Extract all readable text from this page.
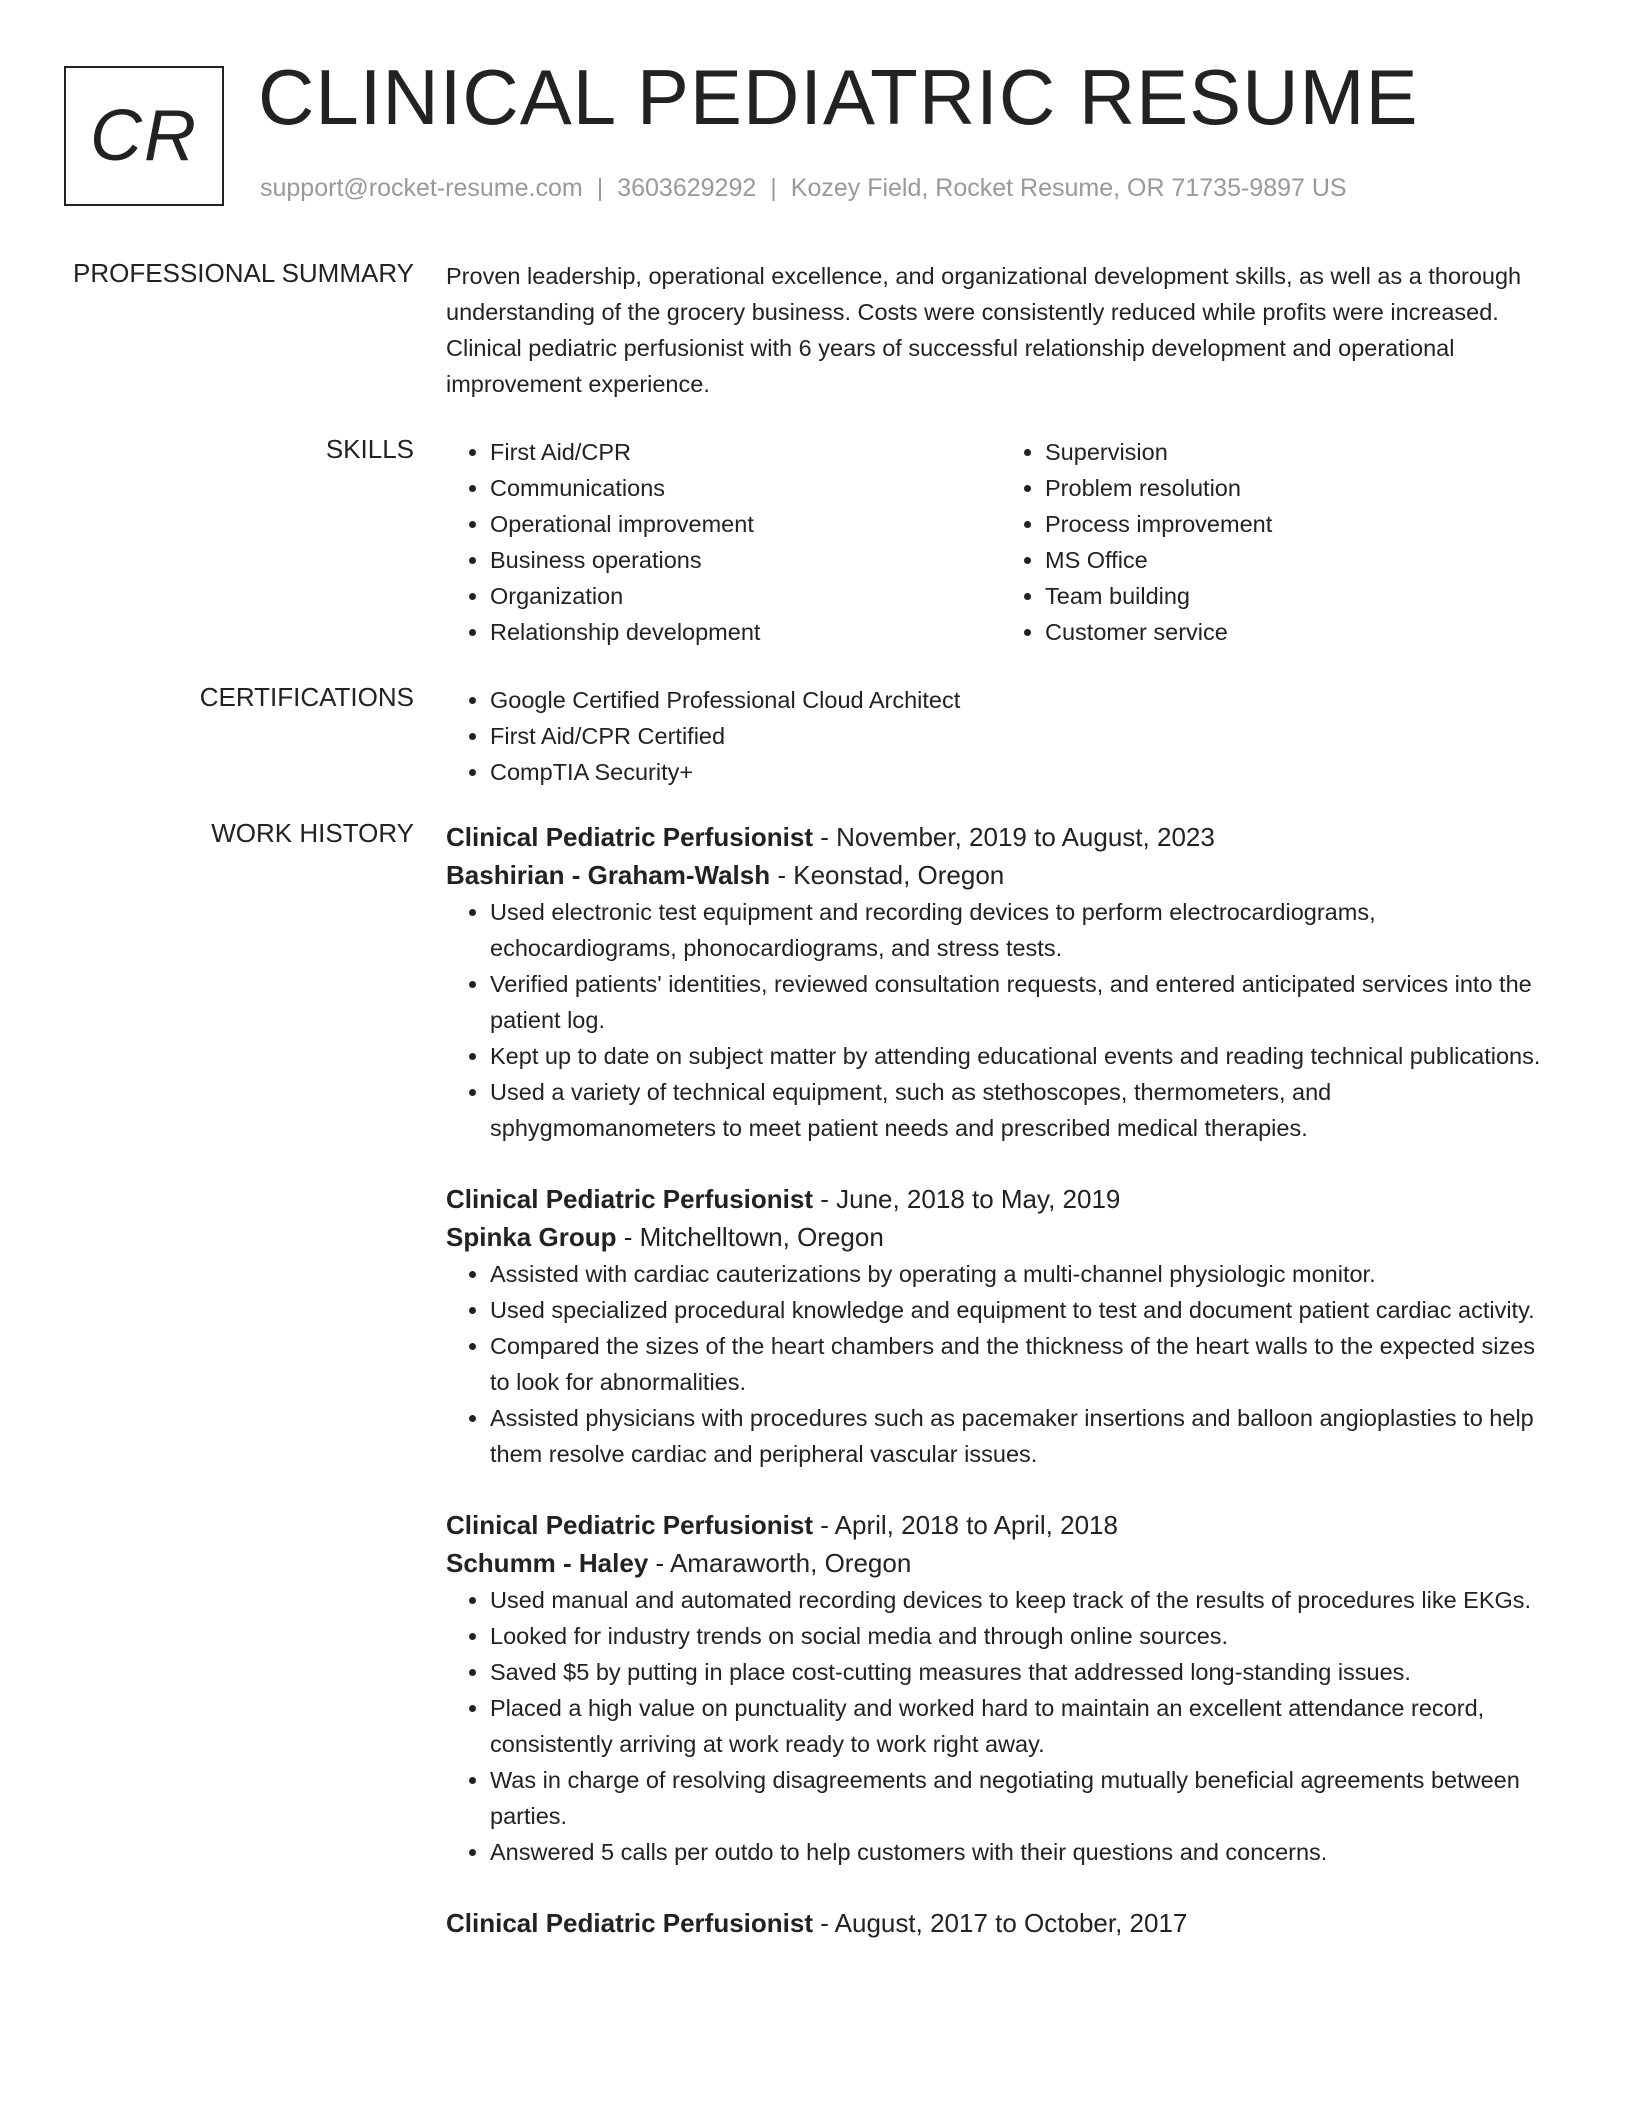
CR CLINICAL PEDIATRIC RESUME
support@rocket-resume.com | 3603629292 | Kozey Field, Rocket Resume, OR 71735-9897 US
PROFESSIONAL SUMMARY Proven leadership, operational excellence, and organizational development skills, as well as a thorough understanding of the grocery business. Costs were consistently reduced while profits were increased. Clinical pediatric perfusionist with 6 years of successful relationship development and operational improvement experience.

SKILLS	• First Aid/CPR
• Communications
• Operational improvement
• Business operations
• Organization
• Relationship development
• Supervision
• Problem resolution
• Process improvement
• MS Office
• Team building
• Customer service
CERTIFICATIONS	• Google Certified Professional Cloud Architect
• First Aid/CPR Certified
• CompTIA Security+
WORK HISTORY Clinical Pediatric Perfusionist - November, 2019 to August, 2023
Bashirian - Graham-Walsh - Keonstad, Oregon
• Used electronic test equipment and recording devices to perform electrocardiograms, echocardiograms, phonocardiograms, and stress tests.
• Verified patients' identities, reviewed consultation requests, and entered anticipated services into the patient log.
• Kept up to date on subject matter by attending educational events and reading technical publications.
• Used a variety of technical equipment, such as stethoscopes, thermometers, and sphygmomanometers to meet patient needs and prescribed medical therapies.
Clinical Pediatric Perfusionist - June, 2018 to May, 2019
Spinka Group - Mitchelltown, Oregon
• Assisted with cardiac cauterizations by operating a multi-channel physiologic monitor.
• Used specialized procedural knowledge and equipment to test and document patient cardiac activity.
• Compared the sizes of the heart chambers and the thickness of the heart walls to the expected sizes to look for abnormalities.
• Assisted physicians with procedures such as pacemaker insertions and balloon angioplasties to help them resolve cardiac and peripheral vascular issues.
Clinical Pediatric Perfusionist - April, 2018 to April, 2018
Schumm - Haley - Amaraworth, Oregon
• Used manual and automated recording devices to keep track of the results of procedures like EKGs.
• Looked for industry trends on social media and through online sources.
• Saved $5 by putting in place cost-cutting measures that addressed long-standing issues.
• Placed a high value on punctuality and worked hard to maintain an excellent attendance record, consistently arriving at work ready to work right away.
• Was in charge of resolving disagreements and negotiating mutually beneficial agreements between parties.
• Answered 5 calls per outdo to help customers with their questions and concerns.
Clinical Pediatric Perfusionist - August, 2017 to October, 2017
